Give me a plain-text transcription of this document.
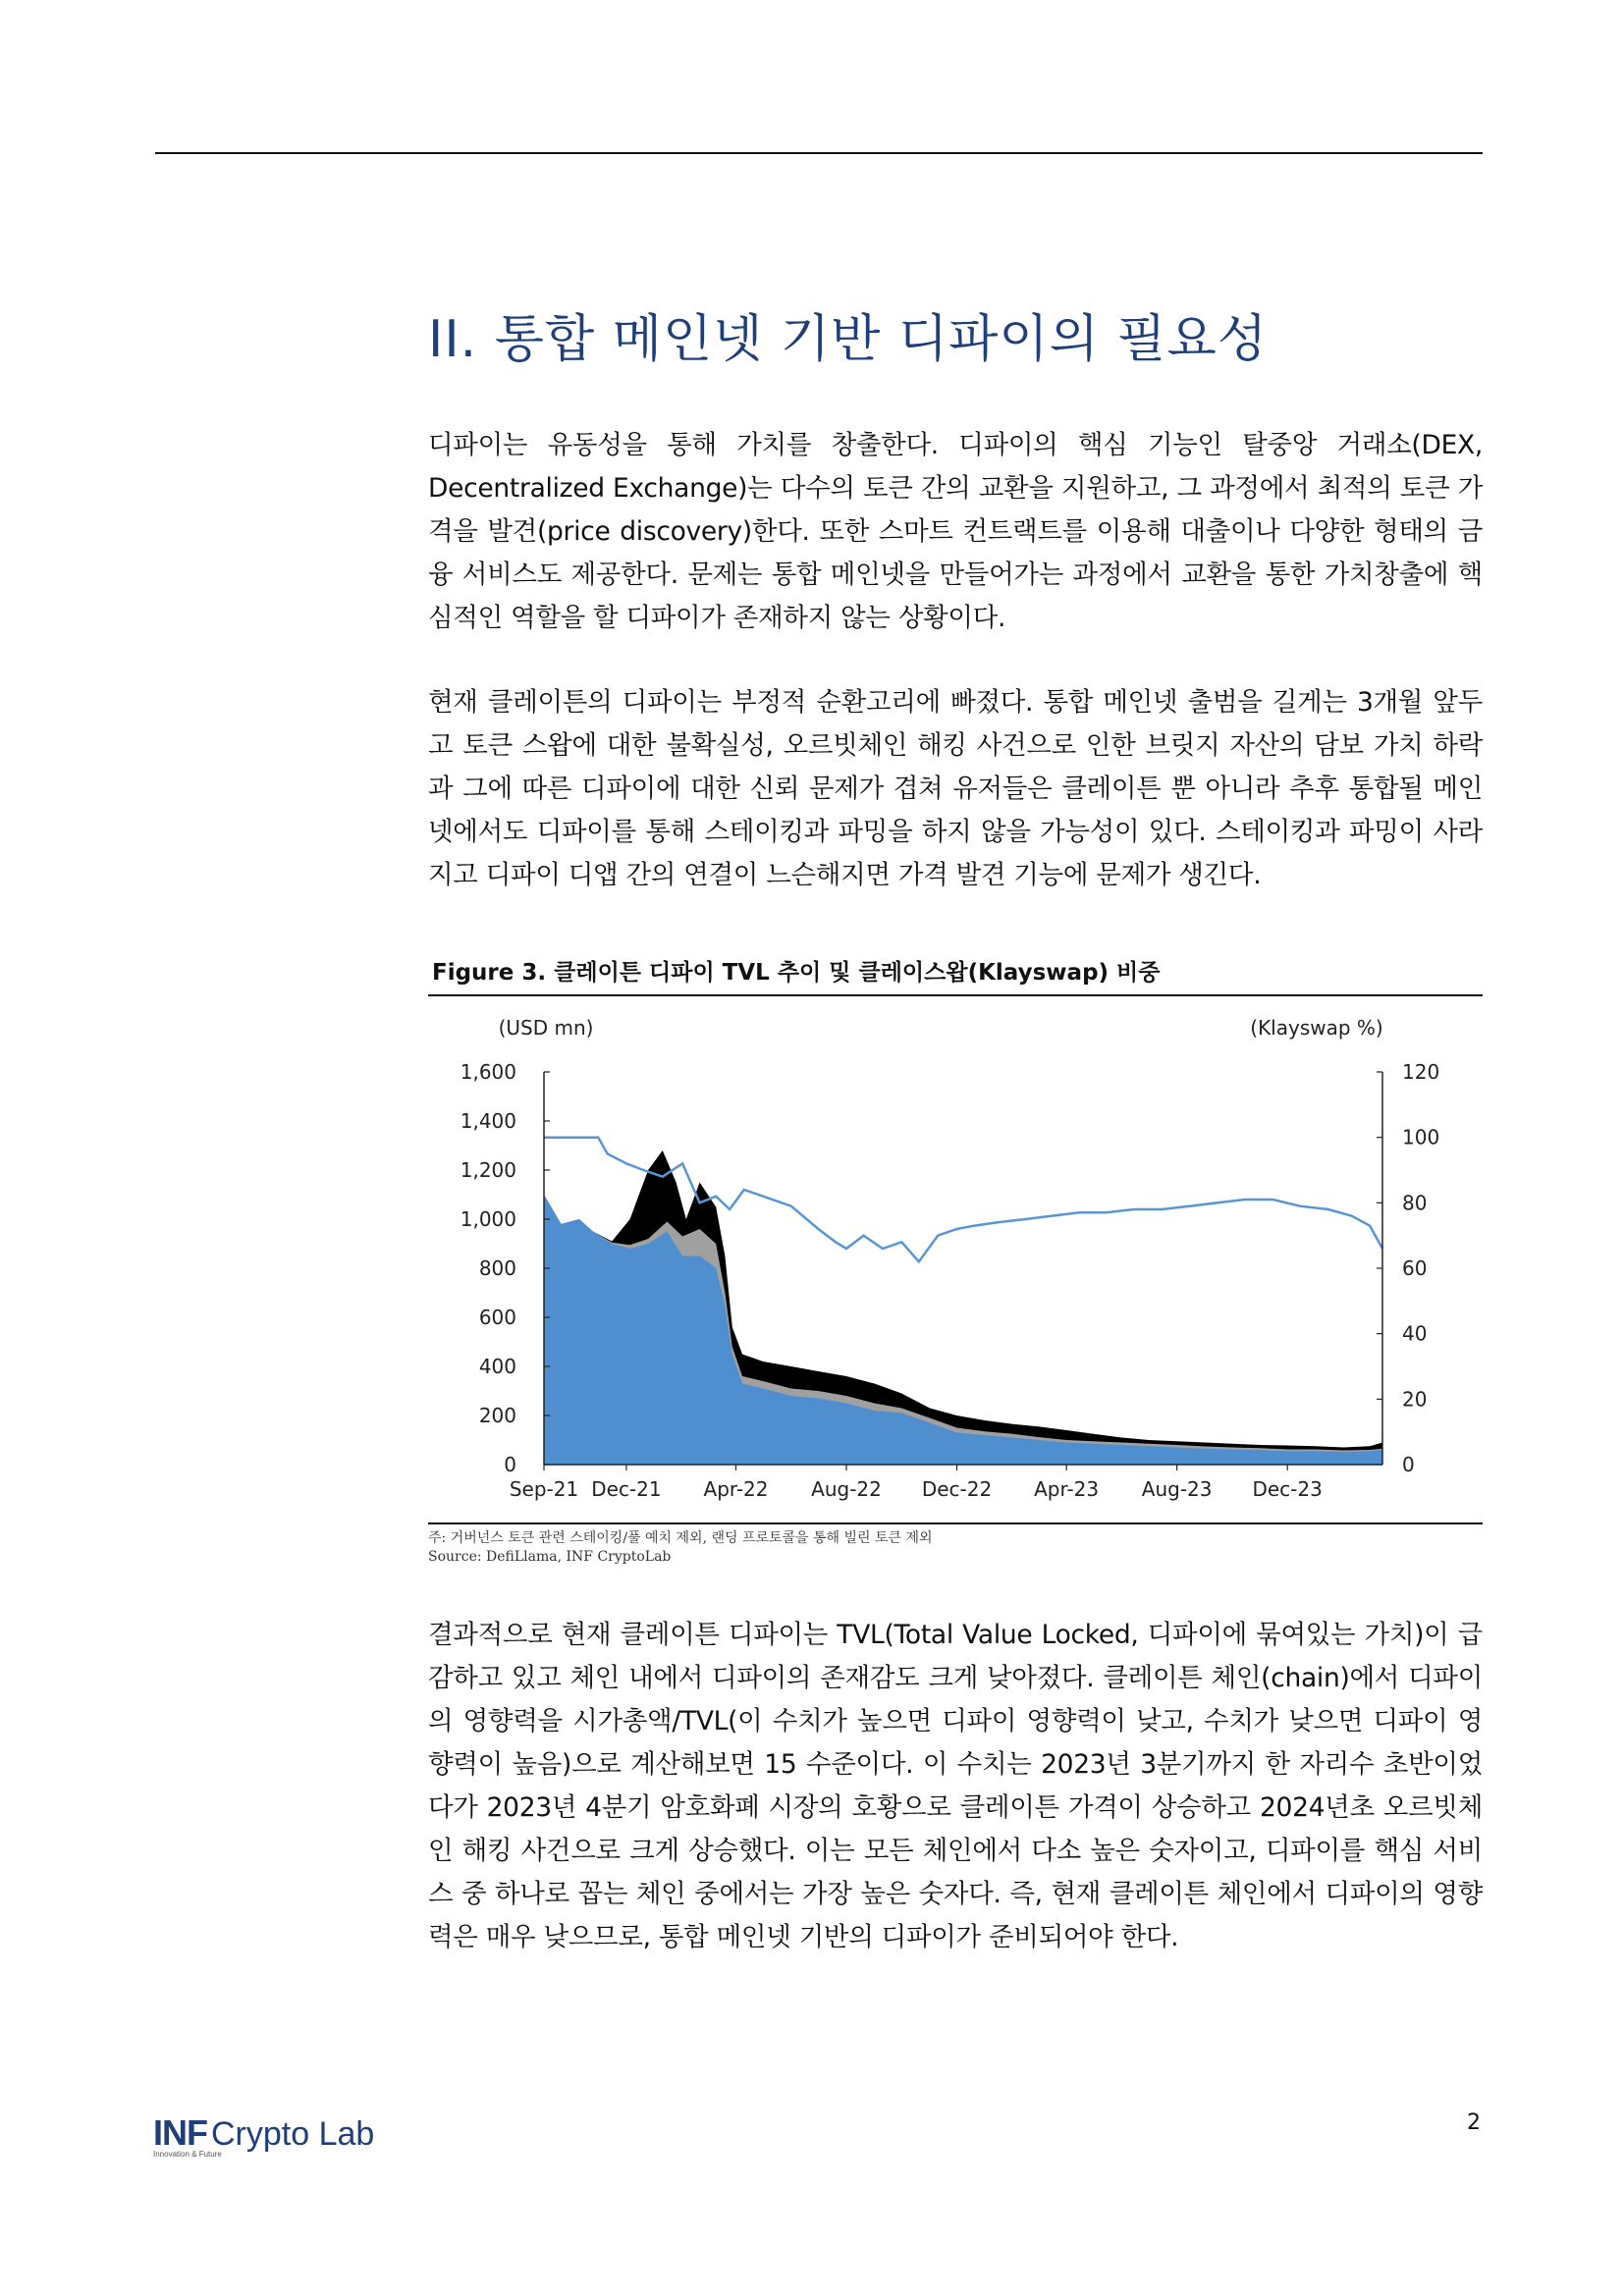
II. 통합 메인넷 기반 디파이의 필요성

디파이는 유동성을 통해 가치를 창출한다. 디파이의 핵심 기능인 탈중앙 거래소(DEX, Decentralized Exchange)는 다수의 토큰 간의 교환을 지원하고, 그 과정에서 최적의 토큰 가격을 발견(price discovery)한다. 또한 스마트 컨트랙트를 이용해 대출이나 다양한 형태의 금융 서비스도 제공한다. 문제는 통합 메인넷을 만들어가는 과정에서 교환을 통한 가치창출에 핵심적인 역할을 할 디파이가 존재하지 않는 상황이다.

현재 클레이튼의 디파이는 부정적 순환고리에 빠졌다. 통합 메인넷 출범을 길게는 3개월 앞두고 토큰 스왑에 대한 불확실성, 오르빗체인 해킹 사건으로 인한 브릿지 자산의 담보 가치 하락과 그에 따른 디파이에 대한 신뢰 문제가 겹쳐 유저들은 클레이튼 뿐 아니라 추후 통합될 메인넷에서도 디파이를 통해 스테이킹과 파밍을 하지 않을 가능성이 있다. 스테이킹과 파밍이 사라지고 디파이 디앱 간의 연결이 느슨해지면 가격 발견 기능에 문제가 생긴다.

Figure 3. 클레이튼 디파이 TVL 추이 및 클레이스왑(Klayswap) 비중
0
200
400
600
800
1,000
1,200
1,400
1,600
0
20
40
60
80
100
120
Sep-21 Dec-21 Apr-22 Aug-22 Dec-22 Apr-23 Aug-23 Dec-23
(USD mn)	(Klayswap %)
주: 거버넌스 토큰 관련 스테이킹/풀 예치 제외, 랜딩 프로토콜을 통해 빌린 토큰 제외
Source: DefiLlama, INF CryptoLab

결과적으로 현재 클레이튼 디파이는 TVL(Total Value Locked, 디파이에 묶여있는 가치)이 급감하고 있고 체인 내에서 디파이의 존재감도 크게 낮아졌다. 클레이튼 체인(chain)에서 디파이의 영향력을 시가총액/TVL(이 수치가 높으면 디파이 영향력이 낮고, 수치가 낮으면 디파이 영향력이 높음)으로 계산해보면 15 수준이다. 이 수치는 2023년 3분기까지 한 자리수 초반이었다가 2023년 4분기 암호화폐 시장의 호황으로 클레이튼 가격이 상승하고 2024년초 오르빗체인 해킹 사건으로 크게 상승했다. 이는 모든 체인에서 다소 높은 숫자이고, 디파이를 핵심 서비스 중 하나로 꼽는 체인 중에서는 가장 높은 숫자다. 즉, 현재 클레이튼 체인에서 디파이의 영향력은 매우 낮으므로, 통합 메인넷 기반의 디파이가 준비되어야 한다.

INF Crypto Lab
Innovation & Future
2
